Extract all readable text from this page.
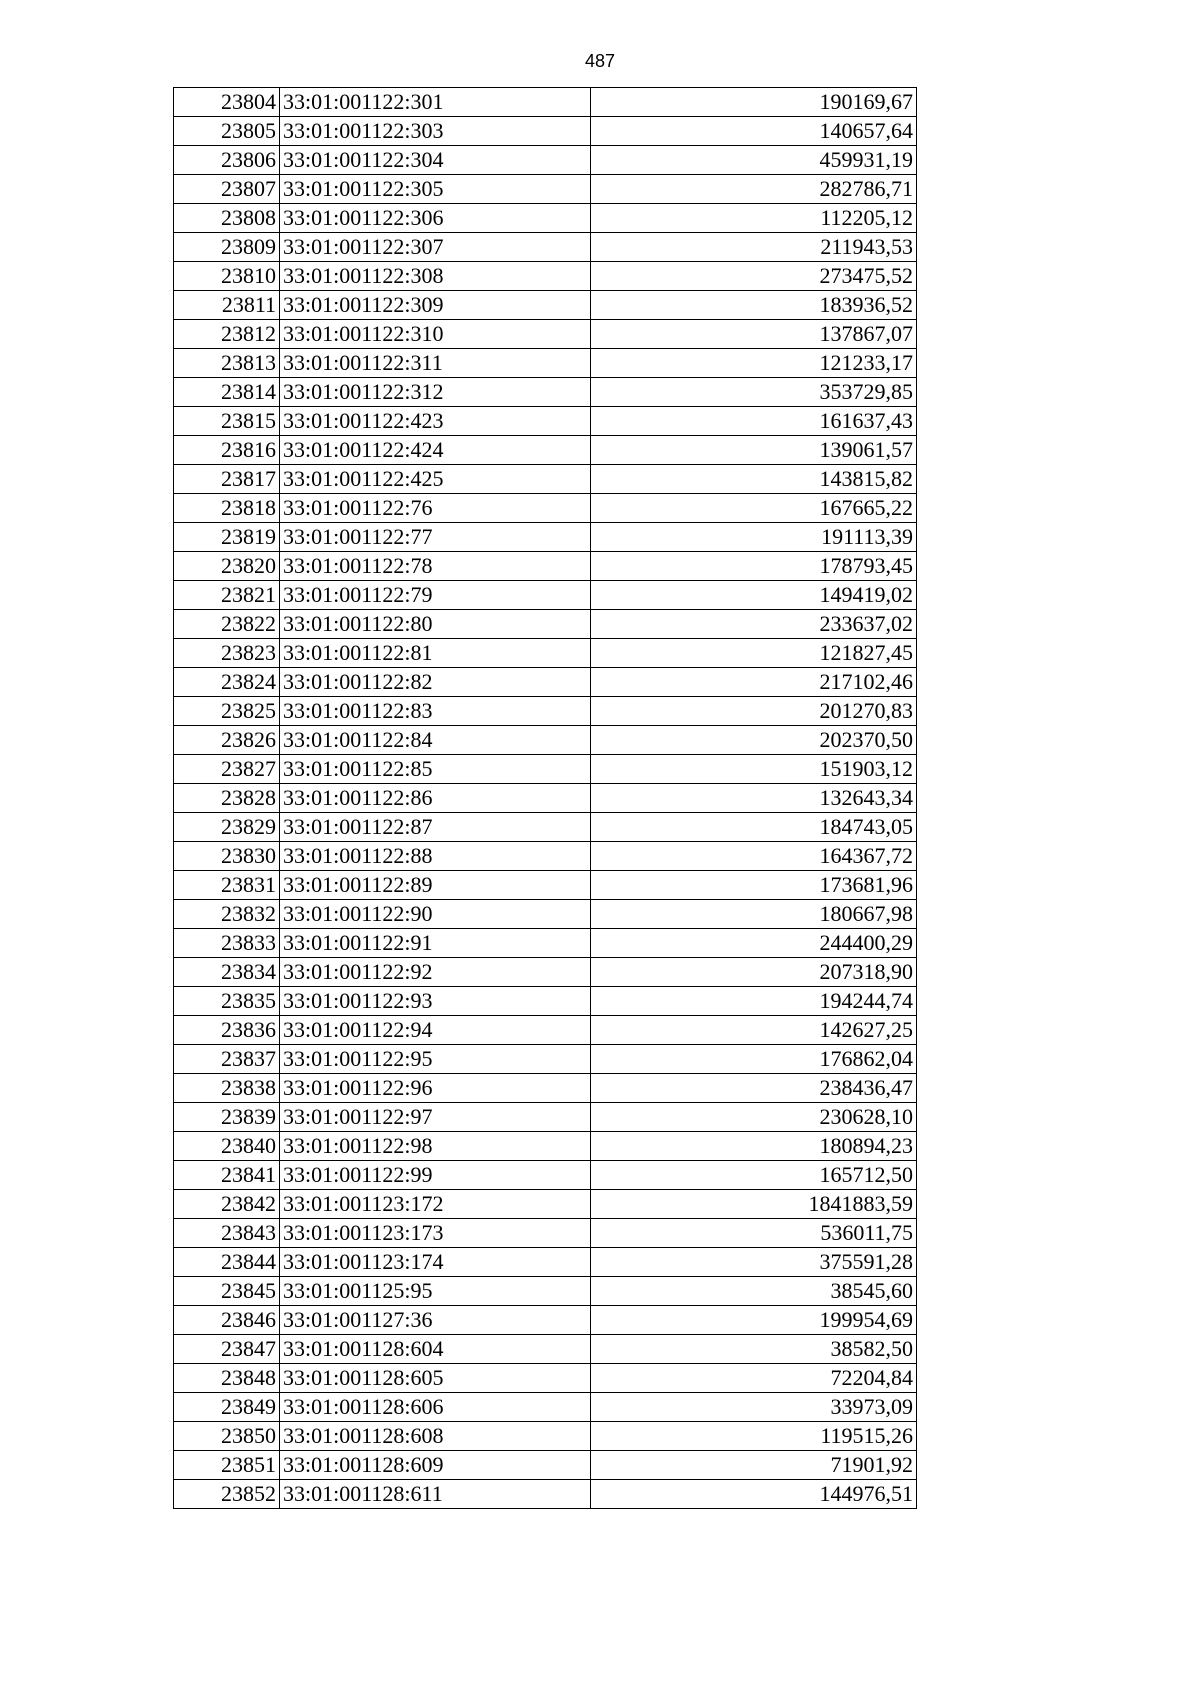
487
23804	33:01:001122:301	190169,67
23805	33:01:001122:303	140657,64
23806	33:01:001122:304	459931,19
23807	33:01:001122:305	282786,71
23808	33:01:001122:306	112205,12
23809	33:01:001122:307	211943,53
23810	33:01:001122:308	273475,52
23811	33:01:001122:309	183936,52
23812	33:01:001122:310	137867,07
23813	33:01:001122:311	121233,17
23814	33:01:001122:312	353729,85
23815	33:01:001122:423	161637,43
23816	33:01:001122:424	139061,57
23817	33:01:001122:425	143815,82
23818	33:01:001122:76	167665,22
23819	33:01:001122:77	191113,39
23820	33:01:001122:78	178793,45
23821	33:01:001122:79	149419,02
23822	33:01:001122:80	233637,02
23823	33:01:001122:81	121827,45
23824	33:01:001122:82	217102,46
23825	33:01:001122:83	201270,83
23826	33:01:001122:84	202370,50
23827	33:01:001122:85	151903,12
23828	33:01:001122:86	132643,34
23829	33:01:001122:87	184743,05
23830	33:01:001122:88	164367,72
23831	33:01:001122:89	173681,96
23832	33:01:001122:90	180667,98
23833	33:01:001122:91	244400,29
23834	33:01:001122:92	207318,90
23835	33:01:001122:93	194244,74
23836	33:01:001122:94	142627,25
23837	33:01:001122:95	176862,04
23838	33:01:001122:96	238436,47
23839	33:01:001122:97	230628,10
23840	33:01:001122:98	180894,23
23841	33:01:001122:99	165712,50
23842	33:01:001123:172	1841883,59
23843	33:01:001123:173	536011,75
23844	33:01:001123:174	375591,28
23845	33:01:001125:95	38545,60
23846	33:01:001127:36	199954,69
23847	33:01:001128:604	38582,50
23848	33:01:001128:605	72204,84
23849	33:01:001128:606	33973,09
23850	33:01:001128:608	119515,26
23851	33:01:001128:609	71901,92
23852	33:01:001128:611	144976,51
